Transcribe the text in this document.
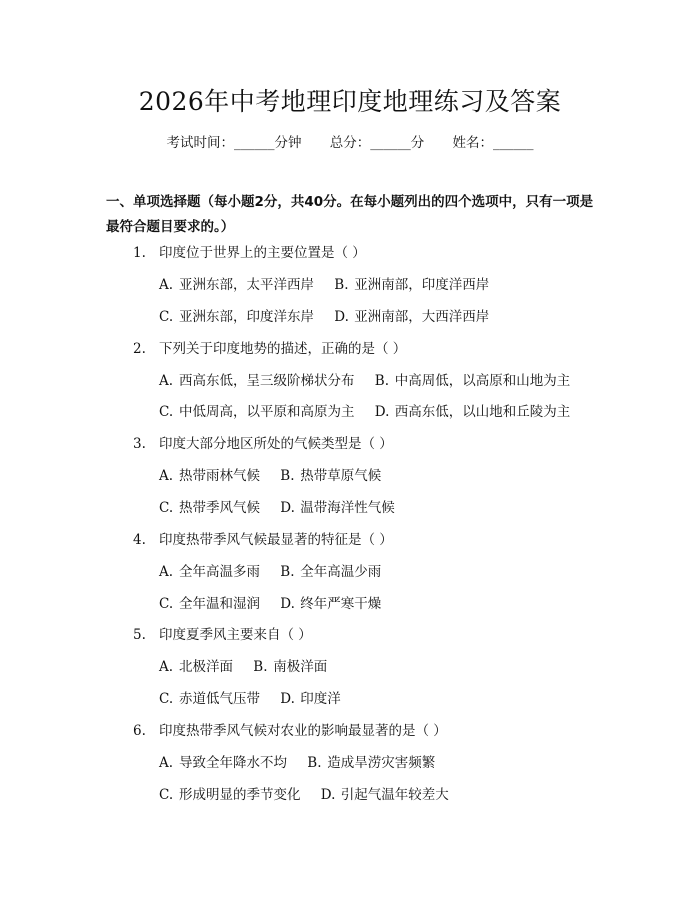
2026年中考地理印度地理练习及答案
考试时间：______分钟 总分：______分 姓名：______
一、单项选择题（每小题2分，共40分。在每小题列出的四个选项中，只有一项是最符合题目要求的。）
1. 印度位于世界上的主要位置是（ ）
A. 亚洲东部，太平洋西岸 B. 亚洲南部，印度洋西岸
C. 亚洲东部，印度洋东岸 D. 亚洲南部，大西洋西岸
2. 下列关于印度地势的描述，正确的是（ ）
A. 西高东低，呈三级阶梯状分布 B. 中高周低，以高原和山地为主
C. 中低周高，以平原和高原为主 D. 西高东低，以山地和丘陵为主
3. 印度大部分地区所处的气候类型是（ ）
A. 热带雨林气候 B. 热带草原气候
C. 热带季风气候 D. 温带海洋性气候
4. 印度热带季风气候最显著的特征是（ ）
A. 全年高温多雨 B. 全年高温少雨
C. 全年温和湿润 D. 终年严寒干燥
5. 印度夏季风主要来自（ ）
A. 北极洋面 B. 南极洋面
C. 赤道低气压带 D. 印度洋
6. 印度热带季风气候对农业的影响最显著的是（ ）
A. 导致全年降水不均 B. 造成旱涝灾害频繁
C. 形成明显的季节变化 D. 引起气温年较差大
